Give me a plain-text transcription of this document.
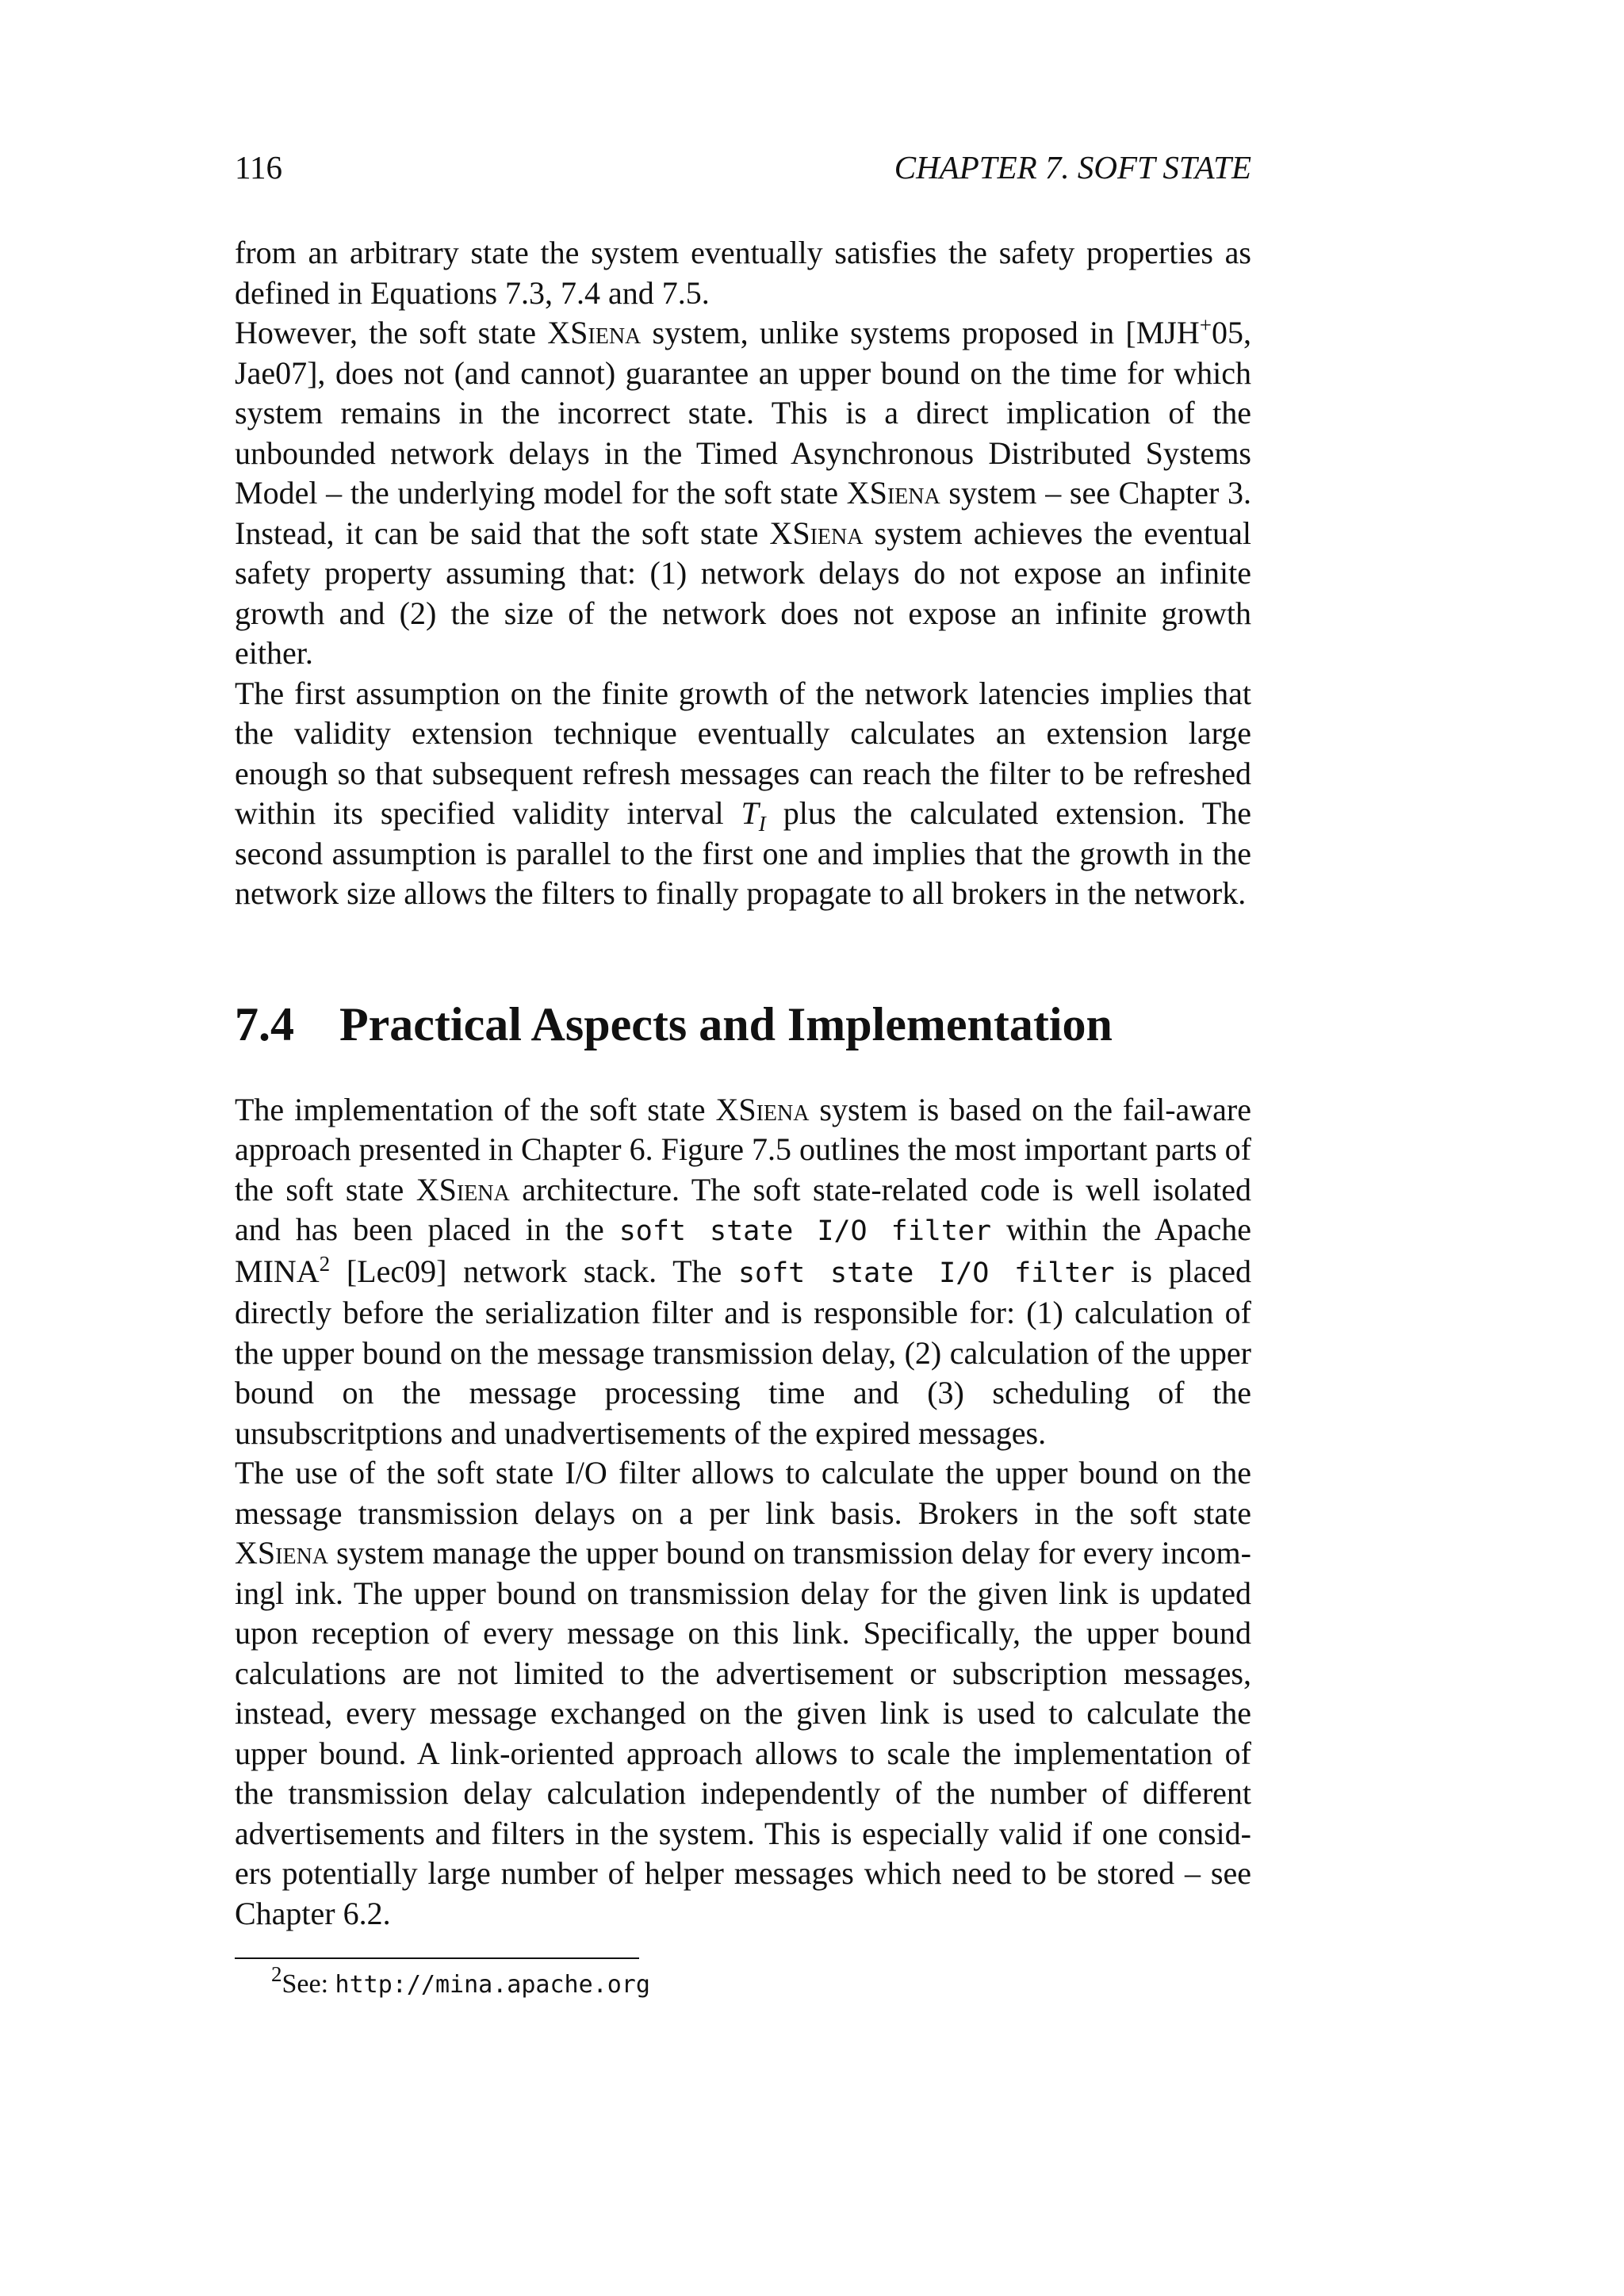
116	CHAPTER 7. SOFT STATE

from an arbitrary state the system eventually satisfies the safety properties as defined in Equations 7.3, 7.4 and 7.5.

However, the soft state XSiena system, unlike systems proposed in [MJH+05, Jae07], does not (and cannot) guarantee an upper bound on the time for which system remains in the incorrect state. This is a direct implication of the unbounded network delays in the Timed Asynchronous Distributed Systems Model – the underlying model for the soft state XSiena system – see Chapter 3. Instead, it can be said that the soft state XSiena system achieves the eventual safety property assuming that: (1) network delays do not expose an infinite growth and (2) the size of the network does not expose an infinite growth either.

The first assumption on the finite growth of the network latencies implies that the validity extension technique eventually calculates an extension large enough so that subsequent refresh messages can reach the filter to be refreshed within its specified validity interval $T_I$ plus the calculated extension. The second assumption is parallel to the first one and implies that the growth in the network size allows the filters to finally propagate to all brokers in the network.

7.4 Practical Aspects and Implementation

The implementation of the soft state XSiena system is based on the fail-aware approach presented in Chapter 6. Figure 7.5 outlines the most important parts of the soft state XSiena architecture. The soft state-related code is well isolated and has been placed in the soft state I/O filter within the Apache MINA$^2$ [Lec09] network stack. The soft state I/O filter is placed directly before the serialization filter and is responsible for: (1) calculation of the upper bound on the message transmission delay, (2) calculation of the upper bound on the message processing time and (3) scheduling of the unsubscritptions and unadvertisements of the expired messages.

The use of the soft state I/O filter allows to calculate the upper bound on the message transmission delays on a per link basis. Brokers in the soft state XSiena system manage the upper bound on transmission delay for every incomingl ink. The upper bound on transmission delay for the given link is updated upon reception of every message on this link. Specifically, the upper bound calculations are not limited to the advertisement or subscription messages, instead, every message exchanged on the given link is used to calculate the upper bound. A link-oriented approach allows to scale the implementation of the transmission delay calculation independently of the number of different advertisements and filters in the system. This is especially valid if one considers potentially large number of helper messages which need to be stored – see Chapter 6.2.

$^2$See: http://mina.apache.org
